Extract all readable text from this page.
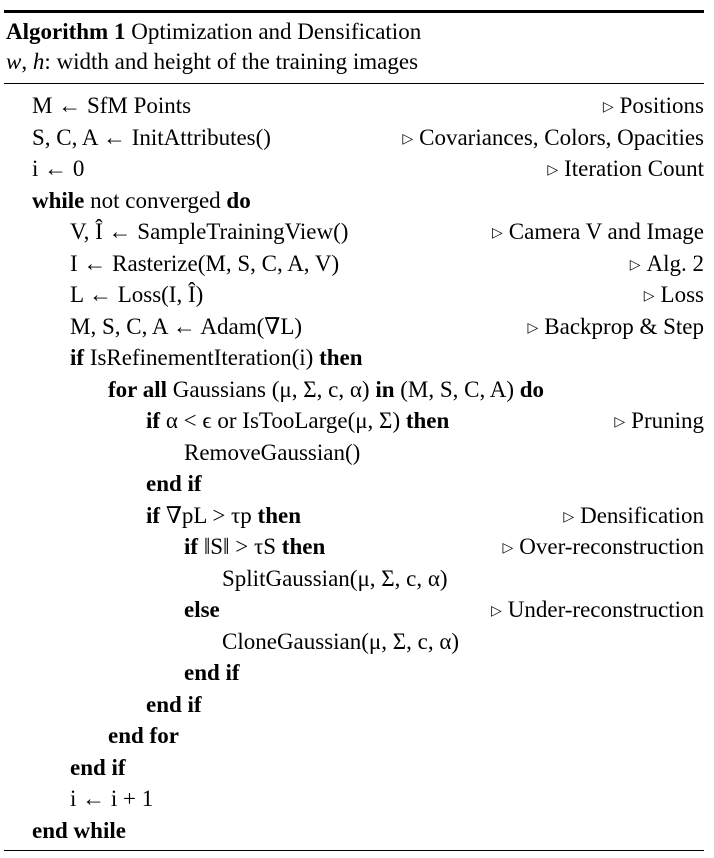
Algorithm 1 Optimization and Densification
w, h: width and height of the training images
M ← SfM Points	▷ Positions
S, C, A ← InitAttributes()	▷ Covariances, Colors, Opacities
i ← 0	▷ Iteration Count
while not converged do
V, Î ← SampleTrainingView()	▷ Camera V and Image
I ← Rasterize(M, S, C, A, V)	▷ Alg. 2
L ← Loss(I, Î)	▷ Loss
M, S, C, A ← Adam(∇L)	▷ Backprop & Step
if IsRefinementIteration(i) then
for all Gaussians (μ, Σ, c, α) in (M, S, C, A) do
if α < ϵ or IsTooLarge(μ, Σ) then	▷ Pruning
RemoveGaussian()
end if
if ∇pL > τp then	▷ Densification
if ‖S‖ > τS then	▷ Over-reconstruction
SplitGaussian(μ, Σ, c, α)
else	▷ Under-reconstruction
CloneGaussian(μ, Σ, c, α)
end if
end if
end for
end if
i ← i + 1
end while
